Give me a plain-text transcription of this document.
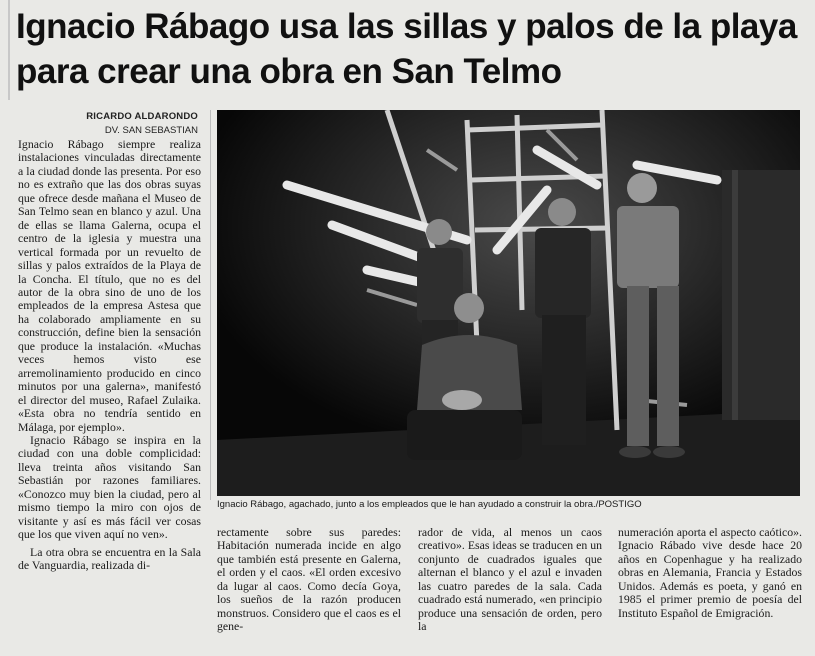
Ignacio Rábago usa las sillas y palos de la playa para crear una obra en San Telmo
RICARDO ALDARONDO
DV. SAN SEBASTIAN

Ignacio Rábago siempre realiza instalaciones vinculadas directamente a la ciudad donde las presenta. Por eso no es extraño que las dos obras suyas que ofrece desde mañana el Museo de San Telmo sean en blanco y azul. Una de ellas se llama Galerna, ocupa el centro de la iglesia y muestra una vertical formada por un revuelto de sillas y palos extraídos de la Playa de la Concha. El título, que no es del autor de la obra sino de uno de los empleados de la empresa Astesa que ha colaborado ampliamente en su construcción, define bien la sensación que produce la instalación. «Muchas veces hemos visto ese arremolinamiento producido en cinco minutos por una galerna», manifestó el director del museo, Rafael Zulaika. «Esta obra no tendría sentido en Málaga, por ejemplo».

Ignacio Rábago se inspira en la ciudad con una doble complicidad: lleva treinta años visitando San Sebastián por razones familiares. «Conozco muy bien la ciudad, pero al mismo tiempo la miro con ojos de visitante y así es más fácil ver cosas que los que viven aquí no ven».

La otra obra se encuentra en la Sala de Vanguardia, realizada di-

Ignacio Rábago, agachado, junto a los empleados que le han ayudado a construir la obra./POSTIGO

rectamente sobre sus paredes: Habitación numerada incide en algo que también está presente en Galerna, el orden y el caos. «El orden excesivo da lugar al caos. Como decía Goya, los sueños de la razón producen monstruos. Considero que el caos es el gene-

rador de vida, al menos un caos creativo». Esas ideas se traducen en un conjunto de cuadrados iguales que alternan el blanco y el azul e invaden las cuatro paredes de la sala. Cada cuadrado está numerado, «en principio produce una sensación de orden, pero la

numeración aporta el aspecto caótico». Ignacio Rábado vive desde hace 20 años en Copenhague y ha realizado obras en Alemania, Francia y Estados Unidos. Además es poeta, y ganó en 1985 el primer premio de poesía del Instituto Español de Emigración.
